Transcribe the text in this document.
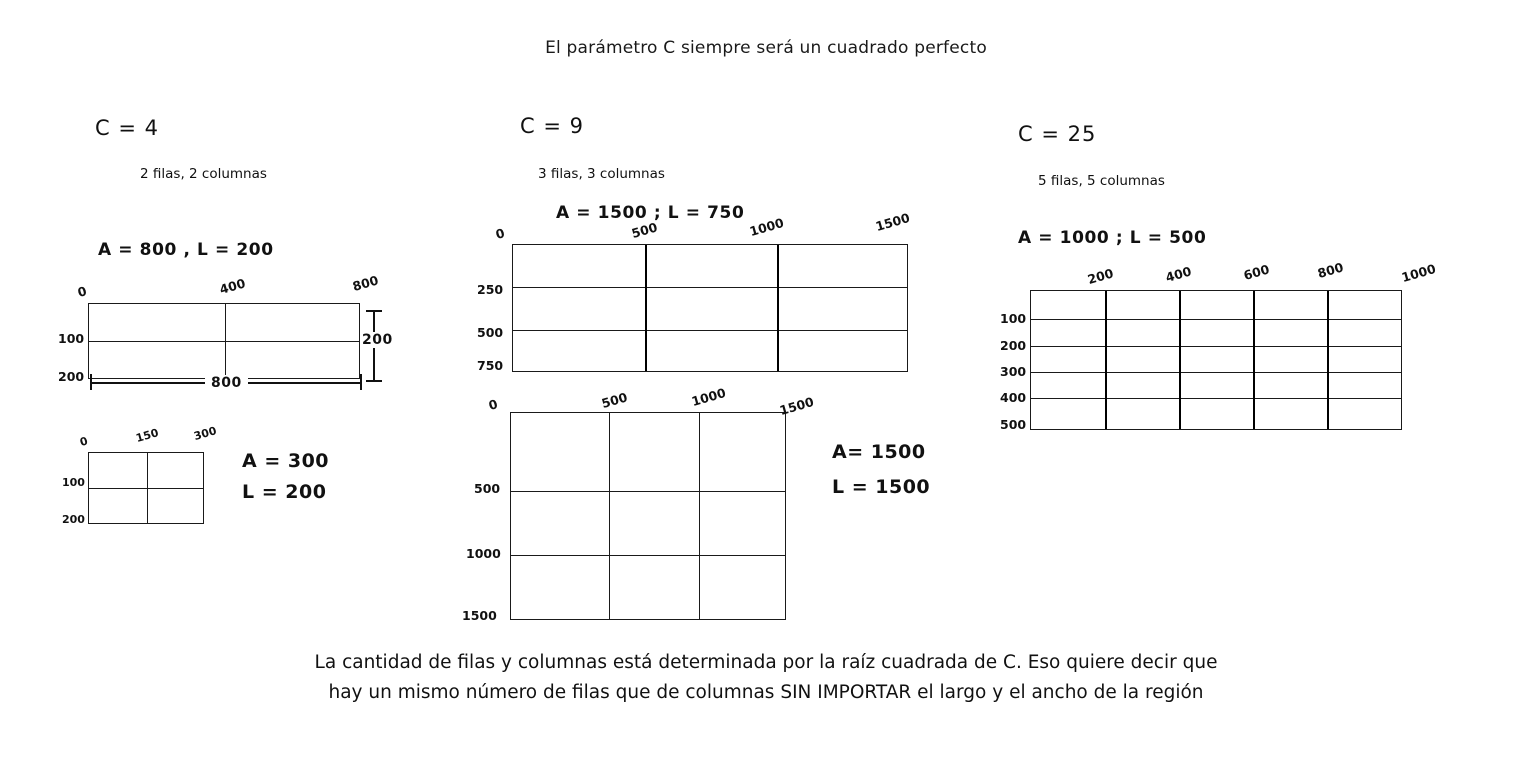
El parámetro C siempre será un cuadrado perfecto
C = 4
2 filas, 2 columnas
A = 800 , L = 200
0	400	800
100
200	800
200
0	150	300
100
200
A = 300
L = 200
C = 9
3 filas, 3 columnas
A = 1500 ; L = 750
0	500	1000	1500
250
500
750
0	500	1000	1500
500
1000
1500
A= 1500
L = 1500
C = 25
5 filas, 5 columnas
A = 1000 ; L = 500
200	400	600	800	1000
100
200
300
400
500
La cantidad de filas y columnas está determinada por la raíz cuadrada de C. Eso quiere decir que
hay un mismo número de filas que de columnas SIN IMPORTAR el largo y el ancho de la región
